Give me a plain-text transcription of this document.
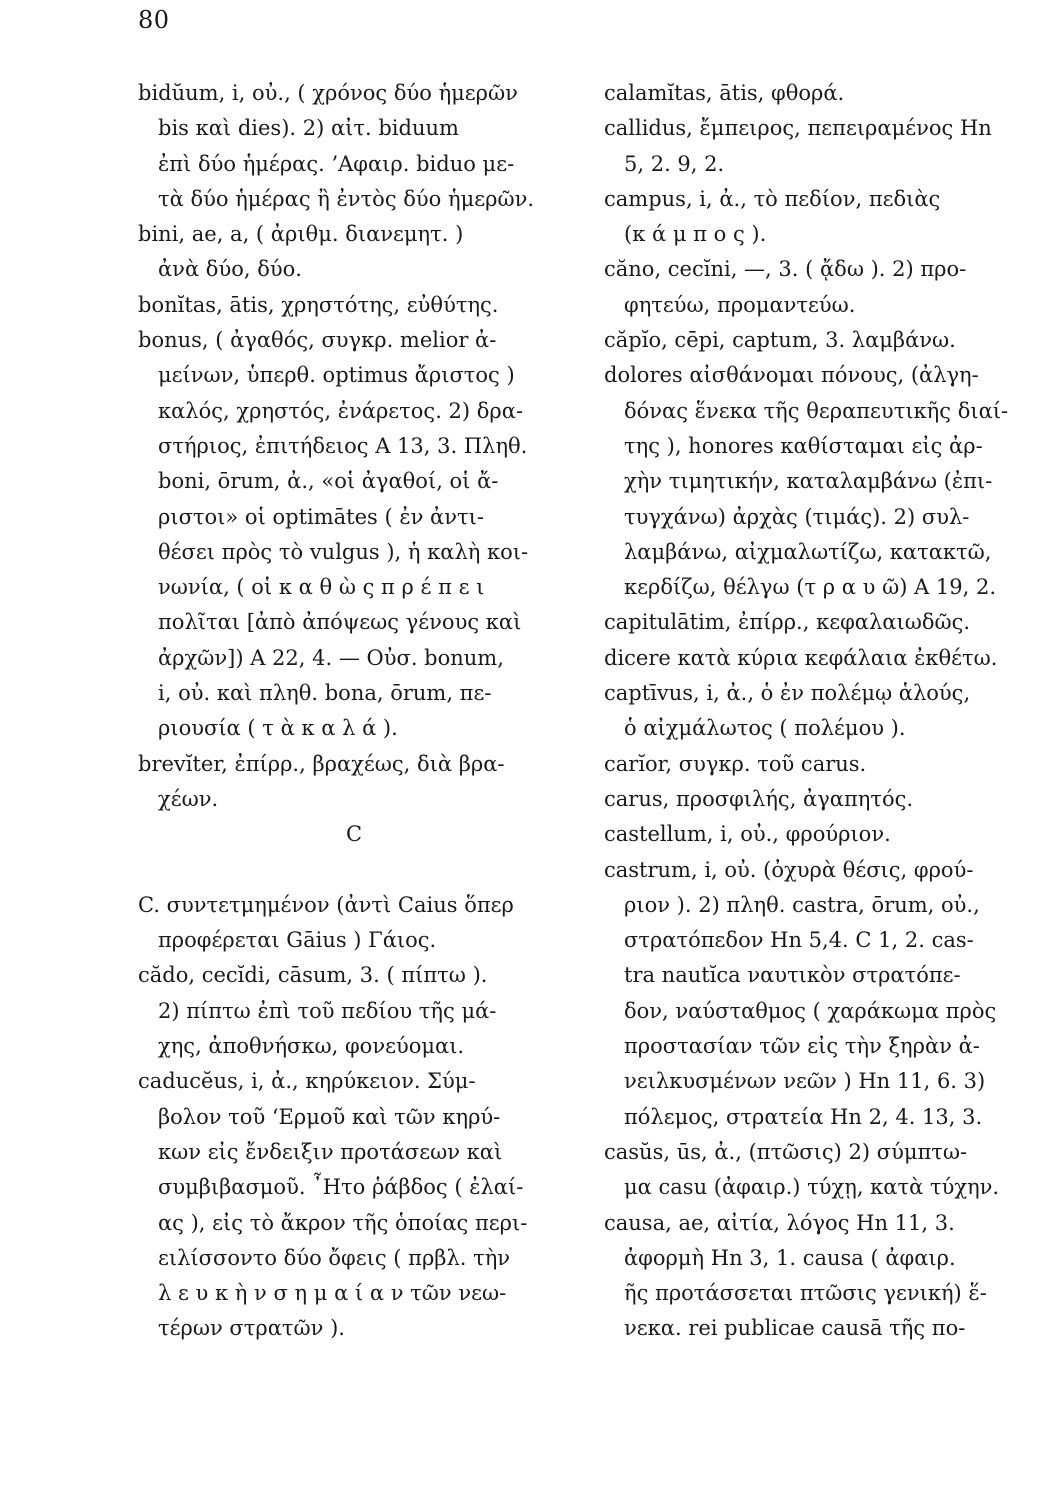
80
bidŭum, i, οὐ., ( χρόνος δύο ἡμερῶν
bis καὶ dies). 2) αἰτ. biduum
ἐπὶ δύο ἡμέρας. ’Αφαιρ. biduo με-
τὰ δύο ἡμέρας ἢ ἐντὸς δύο ἡμερῶν.
bini, ae, a, ( ἀριθμ. διανεμητ. )
ἀνὰ δύο, δύο.
bonĭtas, ātis, χρηστότης, εὐθύτης.
bonus, ( ἀγαθός, συγκρ. melior ἀ-
μείνων, ὑπερθ. optimus ἄριστος )
καλός, χρηστός, ἐνάρετος. 2) δρα-
στήριος, ἐπιτήδειος A 13, 3. Πληθ.
boni, ōrum, ἀ., «οἱ ἀγαθοί, οἱ ἄ-
ριστοι» οἱ optimātes ( ἐν ἀντι-
θέσει πρὸς τὸ vulgus ), ἡ καλὴ κοι-
νωνία, ( οἱ κ α θ ὼ ς π ρ έ π ε ι
πολῖται [ἀπὸ ἀπόψεως γένους καὶ
ἀρχῶν]) A 22, 4. — Οὐσ. bonum,
i, οὐ. καὶ πληθ. bona, ōrum, πε-
ριουσία ( τ ὰ κ α λ ά ).
brevĭter, ἐπίρρ., βραχέως, διὰ βρα-
χέων.
C
C. συντετμημένον (ἀντὶ Caius ὅπερ
προφέρεται Gāius ) Γάιος.
cădo, cecĭdi, cāsum, 3. ( πίπτω ).
2) πίπτω ἐπὶ τοῦ πεδίου τῆς μά-
χης, ἀποθνήσκω, φονεύομαι.
caducĕus, i, ἀ., κηρύκειον. Σύμ-
βολον τοῦ ‘Ερμοῦ καὶ τῶν κηρύ-
κων εἰς ἔνδειξιν προτάσεων καὶ
συμβιβασμοῦ. ῏Ητο ῥάβδος ( ἐλαί-
ας ), εἰς τὸ ἄκρον τῆς ὁποίας περι-
ειλίσσοντο δύο ὄφεις ( πρβλ. τὴν
λ ε υ κ ὴ ν σ η μ α ί α ν τῶν νεω-
τέρων στρατῶν ).
calamĭtas, ātis, φθορά.
callidus, ἔμπειρος, πεπειραμένος Hn
5, 2. 9, 2.
campus, i, ἀ., τὸ πεδίον, πεδιὰς
(κ ά μ π ο ς ).
căno, cecĭni, —, 3. ( ᾄδω ). 2) προ-
φητεύω, προμαντεύω.
căpĭo, cēpi, captum, 3. λαμβάνω.
dolores αἰσθάνομαι πόνους, (ἀλγη-
δόνας ἕνεκα τῆς θεραπευτικῆς διαί-
της ), honores καθίσταμαι εἰς ἀρ-
χὴν τιμητικήν, καταλαμβάνω (ἐπι-
τυγχάνω) ἀρχὰς (τιμάς). 2) συλ-
λαμβάνω, αἰχμαλωτίζω, κατακτῶ,
κερδίζω, θέλγω (τ ρ α υ ῶ) A 19, 2.
capitulātim, ἐπίρρ., κεφαλαιωδῶς.
dicere κατὰ κύρια κεφάλαια ἐκθέτω.
captīvus, i, ἀ., ὁ ἐν πολέμῳ ἁλούς,
ὁ αἰχμάλωτος ( πολέμου ).
carĭor, συγκρ. τοῦ carus.
carus, προσφιλής, ἀγαπητός.
castellum, i, οὐ., φρούριον.
castrum, i, οὐ. (ὀχυρὰ θέσις, φρού-
ριον ). 2) πληθ. castra, ōrum, οὐ.,
στρατόπεδον Hn 5,4. C 1, 2. cas-
tra nautĭca ναυτικὸν στρατόπε-
δον, ναύσταθμος ( χαράκωμα πρὸς
προστασίαν τῶν εἰς τὴν ξηρὰν ἀ-
νειλκυσμένων νεῶν ) Hn 11, 6. 3)
πόλεμος, στρατεία Hn 2, 4. 13, 3.
casŭs, ūs, ἀ., (πτῶσις) 2) σύμπτω-
μα casu (ἀφαιρ.) τύχῃ, κατὰ τύχην.
causa, ae, αἰτία, λόγος Hn 11, 3.
ἀφορμὴ Hn 3, 1. causa ( ἀφαιρ.
ῆς προτάσσεται πτῶσις γενική) ἕ-
νεκα. rei publicae causā τῆς πο-
